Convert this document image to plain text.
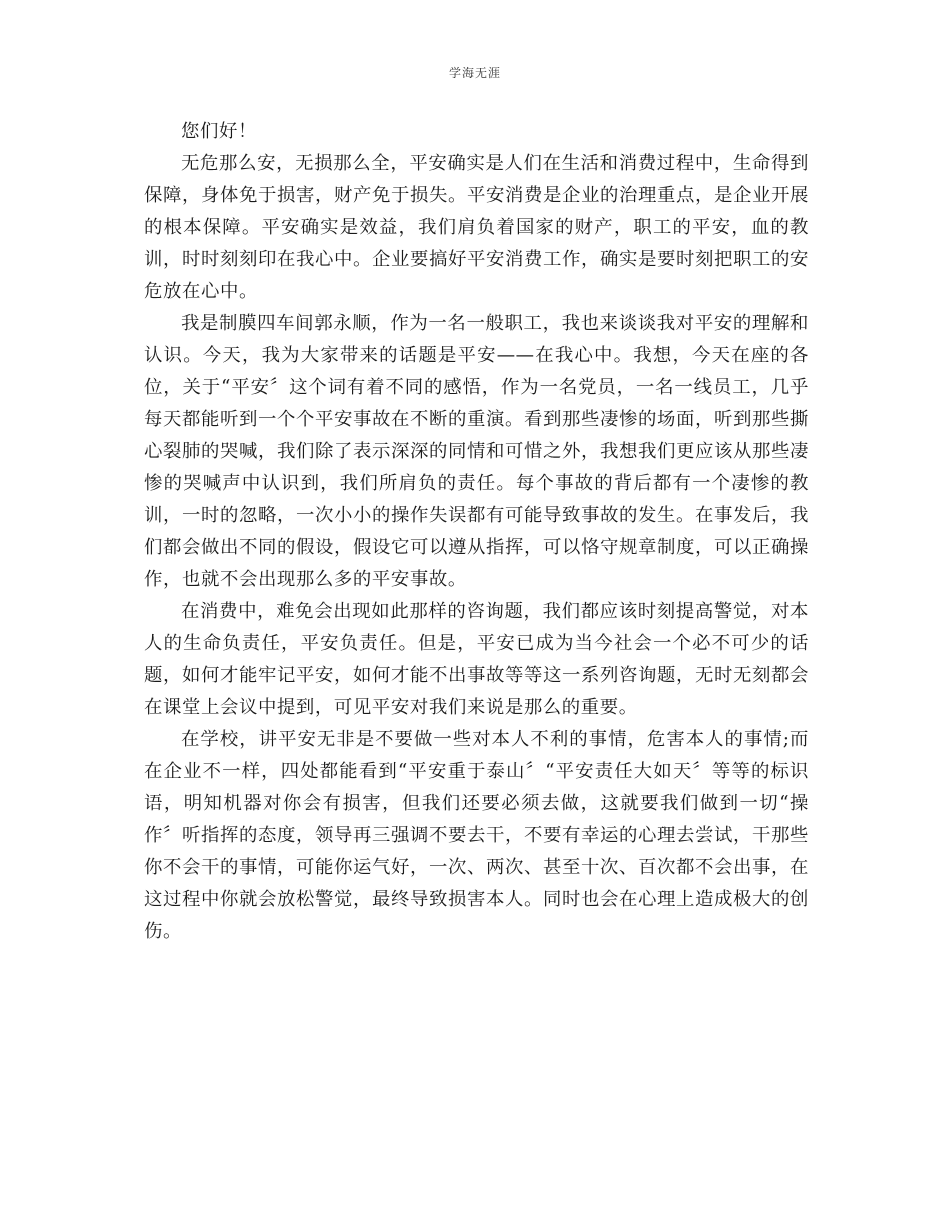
学海无涯

您们好！

无危那么安，无损那么全，平安确实是人们在生活和消费过程中，生命得到保障，身体免于损害，财产免于损失。平安消费是企业的治理重点，是企业开展的根本保障。平安确实是效益，我们肩负着国家的财产，职工的平安，血的教训，时时刻刻印在我心中。企业要搞好平安消费工作，确实是要时刻把职工的安危放在心中。

我是制膜四车间郭永顺，作为一名一般职工，我也来谈谈我对平安的理解和认识。今天，我为大家带来的话题是平安——在我心中。我想，今天在座的各位，关于“平安〞这个词有着不同的感悟，作为一名党员，一名一线员工，几乎每天都能听到一个个平安事故在不断的重演。看到那些凄惨的场面，听到那些撕心裂肺的哭喊，我们除了表示深深的同情和可惜之外，我想我们更应该从那些凄惨的哭喊声中认识到，我们所肩负的责任。每个事故的背后都有一个凄惨的教训，一时的忽略，一次小小的操作失误都有可能导致事故的发生。在事发后，我们都会做出不同的假设，假设它可以遵从指挥，可以恪守规章制度，可以正确操作，也就不会出现那么多的平安事故。

在消费中，难免会出现如此那样的咨询题，我们都应该时刻提高警觉，对本人的生命负责任，平安负责任。但是，平安已成为当今社会一个必不可少的话题，如何才能牢记平安，如何才能不出事故等等这一系列咨询题，无时无刻都会在课堂上会议中提到，可见平安对我们来说是那么的重要。

在学校，讲平安无非是不要做一些对本人不利的事情，危害本人的事情;而在企业不一样，四处都能看到“平安重于泰山〞“平安责任大如天〞等等的标识语，明知机器对你会有损害，但我们还要必须去做，这就要我们做到一切“操作〞听指挥的态度，领导再三强调不要去干，不要有幸运的心理去尝试，干那些你不会干的事情，可能你运气好，一次、两次、甚至十次、百次都不会出事，在这过程中你就会放松警觉，最终导致损害本人。同时也会在心理上造成极大的创伤。
